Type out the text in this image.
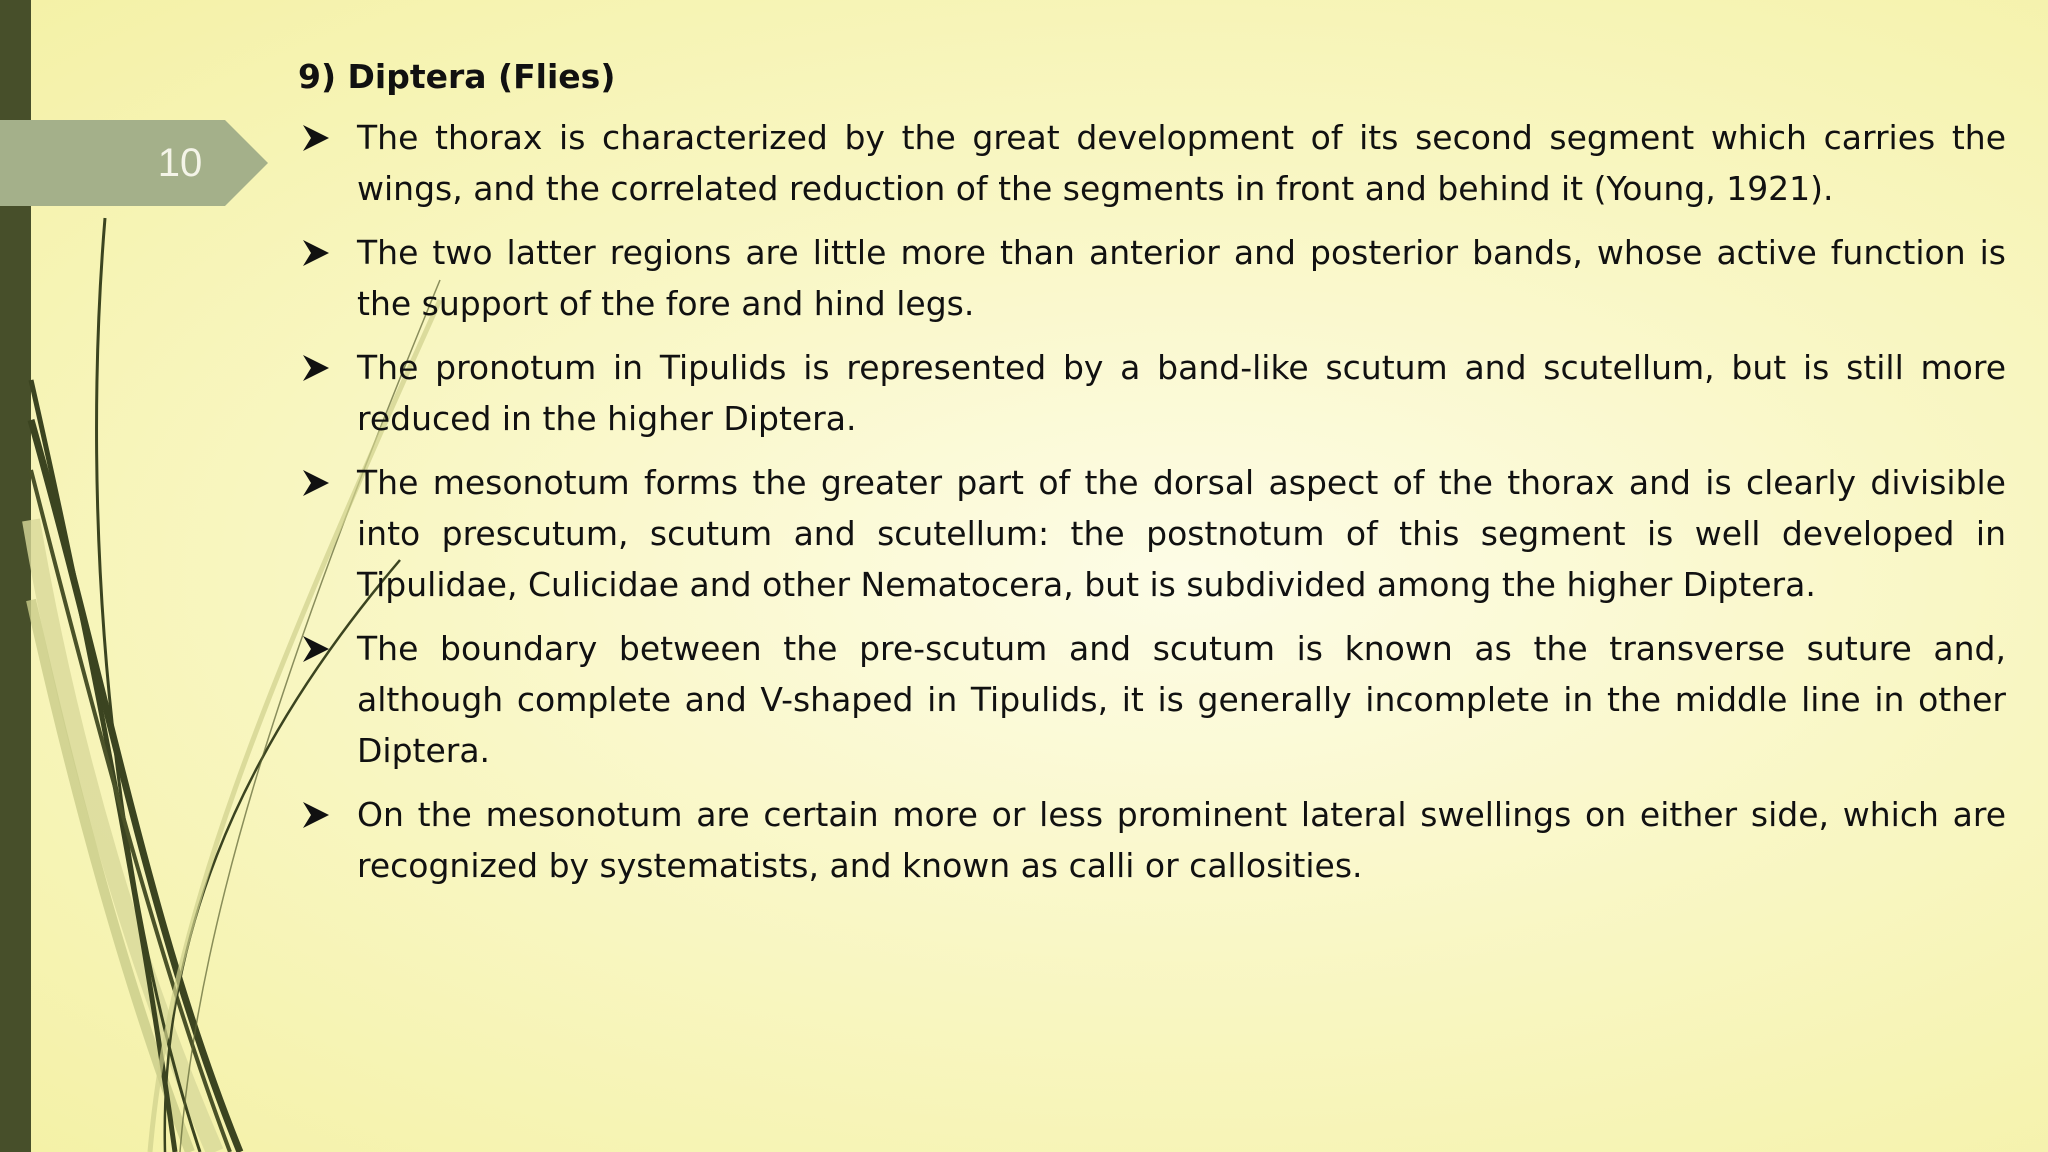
10
9) Diptera (Flies)
The thorax is characterized by the great development of its second segment which carries the wings, and the correlated reduction of the segments in front and behind it (Young, 1921).
The two latter regions are little more than anterior and posterior bands, whose active function is the support of the fore and hind legs.
The pronotum in Tipulids is represented by a band-like scutum and scutellum, but is still more reduced in the higher Diptera.
The mesonotum forms the greater part of the dorsal aspect of the thorax and is clearly divisible into prescutum, scutum and scutellum: the postnotum of this segment is well developed in Tipulidae, Culicidae and other Nematocera, but is subdivided among the higher Diptera.
The boundary between the pre-scutum and scutum is known as the transverse suture and, although complete and V-shaped in Tipulids, it is generally incomplete in the middle line in other Diptera.
On the mesonotum are certain more or less prominent lateral swellings on either side, which are recognized by systematists, and known as calli or callosities.
